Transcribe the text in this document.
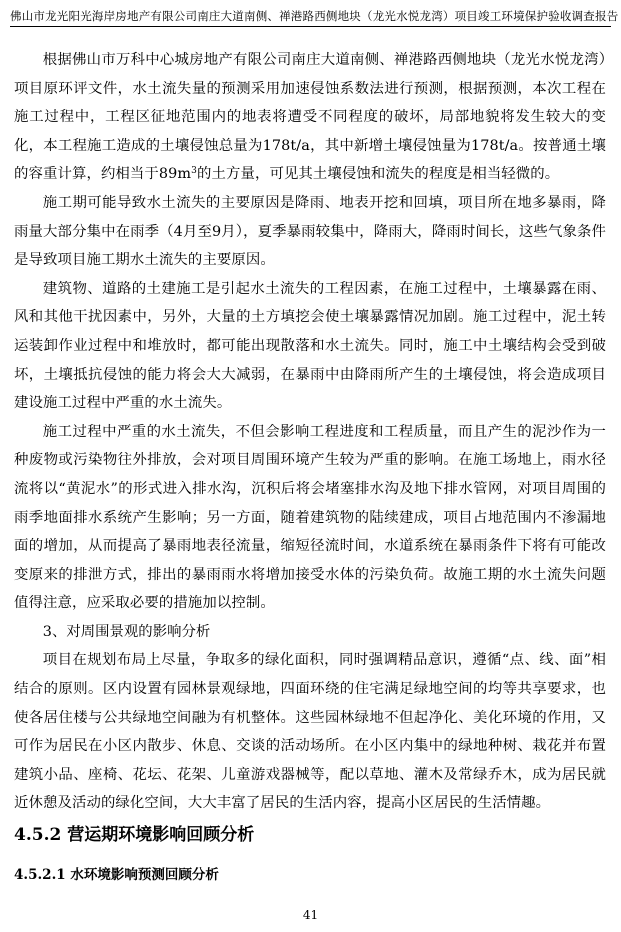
佛山市龙光阳光海岸房地产有限公司南庄大道南侧、禅港路西侧地块（龙光水悦龙湾）项目竣工环境保护验收调查报告

根据佛山市万科中心城房地产有限公司南庄大道南侧、禅港路西侧地块（龙光水悦龙湾）项目原环评文件，水土流失量的预测采用加速侵蚀系数法进行预测，根据预测，本次工程在施工过程中，工程区征地范围内的地表将遭受不同程度的破坏，局部地貌将发生较大的变化，本工程施工造成的土壤侵蚀总量为178t/a，其中新增土壤侵蚀量为178t/a。按普通土壤的容重计算，约相当于$89m^3$的土方量，可见其土壤侵蚀和流失的程度是相当轻微的。

施工期可能导致水土流失的主要原因是降雨、地表开挖和回填，项目所在地多暴雨，降雨量大部分集中在雨季（4月至9月），夏季暴雨较集中，降雨大，降雨时间长，这些气象条件是导致项目施工期水土流失的主要原因。

建筑物、道路的土建施工是引起水土流失的工程因素，在施工过程中，土壤暴露在雨、风和其他干扰因素中，另外，大量的土方填挖会使土壤暴露情况加剧。施工过程中，泥土转运装卸作业过程中和堆放时，都可能出现散落和水土流失。同时，施工中土壤结构会受到破坏，土壤抵抗侵蚀的能力将会大大减弱，在暴雨中由降雨所产生的土壤侵蚀，将会造成项目建设施工过程中严重的水土流失。

施工过程中严重的水土流失，不但会影响工程进度和工程质量，而且产生的泥沙作为一种废物或污染物往外排放，会对项目周围环境产生较为严重的影响。在施工场地上，雨水径流将以“黄泥水”的形式进入排水沟，沉积后将会堵塞排水沟及地下排水管网，对项目周围的雨季地面排水系统产生影响；另一方面，随着建筑物的陆续建成，项目占地范围内不渗漏地面的增加，从而提高了暴雨地表径流量，缩短径流时间，水道系统在暴雨条件下将有可能改变原来的排泄方式，排出的暴雨雨水将增加接受水体的污染负荷。故施工期的水土流失问题值得注意，应采取必要的措施加以控制。

3、对周围景观的影响分析

项目在规划布局上尽量，争取多的绿化面积，同时强调精品意识，遵循“点、线、面”相结合的原则。区内设置有园林景观绿地，四面环绕的住宅满足绿地空间的均等共享要求，也使各居住楼与公共绿地空间融为有机整体。这些园林绿地不但起净化、美化环境的作用，又可作为居民在小区内散步、休息、交谈的活动场所。在小区内集中的绿地种树、栽花并布置建筑小品、座椅、花坛、花架、儿童游戏器械等，配以草地、灌木及常绿乔木，成为居民就近休憩及活动的绿化空间，大大丰富了居民的生活内容，提高小区居民的生活情趣。

4.5.2 营运期环境影响回顾分析
4.5.2.1 水环境影响预测回顾分析
41
